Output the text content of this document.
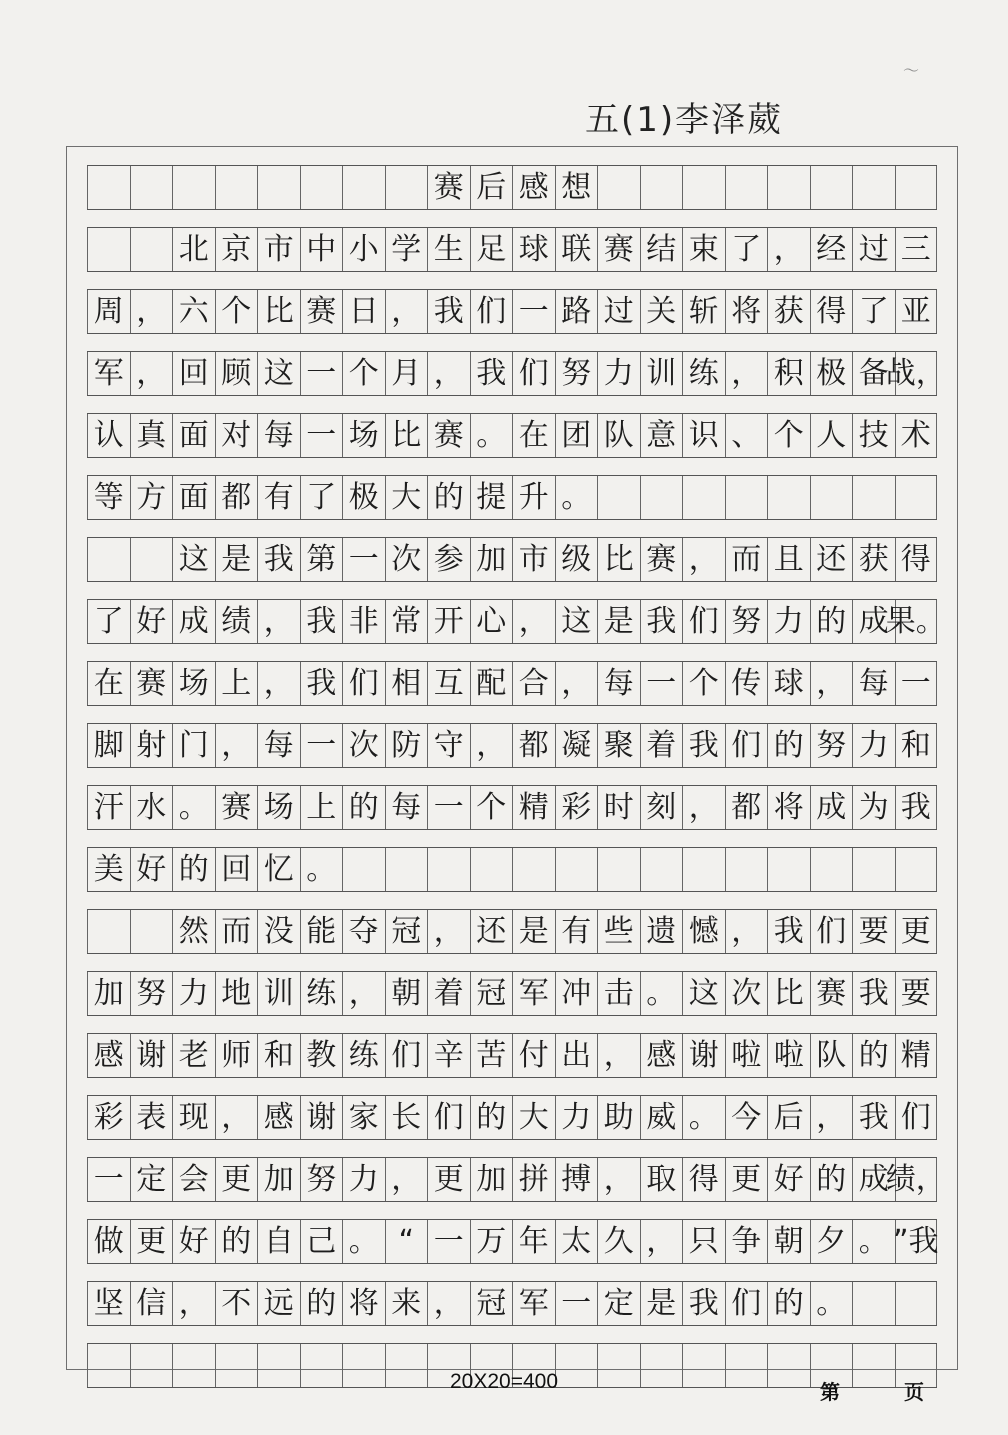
～
五(1)李泽葳
赛 后 感 想
北 京 市 中 小 学 生 足 球 联 赛 结 束 了 ， 经 过 三
周 ， 六 个 比 赛 日 ， 我 们 一 路 过 关 斩 将 获 得 了 亚
军 ， 回 顾 这 一 个 月 ， 我 们 努 力 训 练 ， 积 极 备
战，
认 真 面 对 每 一 场 比 赛 。 在 团 队 意 识 、 个 人 技 术
等 方 面 都 有 了 极 大 的 提 升 。
这 是 我 第 一 次 参 加 市 级 比 赛 ， 而 且 还 获 得
了 好 成 绩 ， 我 非 常 开 心 ， 这 是 我 们 努 力 的 成
果。
在 赛 场 上 ， 我 们 相 互 配 合 ， 每 一 个 传 球 ， 每 一
脚 射 门 ， 每 一 次 防 守 ， 都 凝 聚 着 我 们 的 努 力 和
汗 水 。 赛 场 上 的 每 一 个 精 彩 时 刻 ， 都 将 成 为 我
美 好 的 回 忆 。
然 而 没 能 夺 冠 ， 还 是 有 些 遗 憾 ， 我 们 要 更
加 努 力 地 训 练 ， 朝 着 冠 军 冲 击 。 这 次 比 赛 我 要
感 谢 老 师 和 教 练 们 辛 苦 付 出 ， 感 谢 啦 啦 队 的 精
彩 表 现 ， 感 谢 家 长 们 的 大 力 助 威 。 今 后 ， 我 们
一 定 会 更 加 努 力 ， 更 加 拼 搏 ， 取 得 更 好 的 成
绩，
做 更 好 的 自 己 。 “ 一 万 年 太 久 ， 只 争 朝 夕 。 ”我
坚 信 ， 不 远 的 将 来 ， 冠 军 一 定 是 我 们 的 。
20X20=400	第	页
